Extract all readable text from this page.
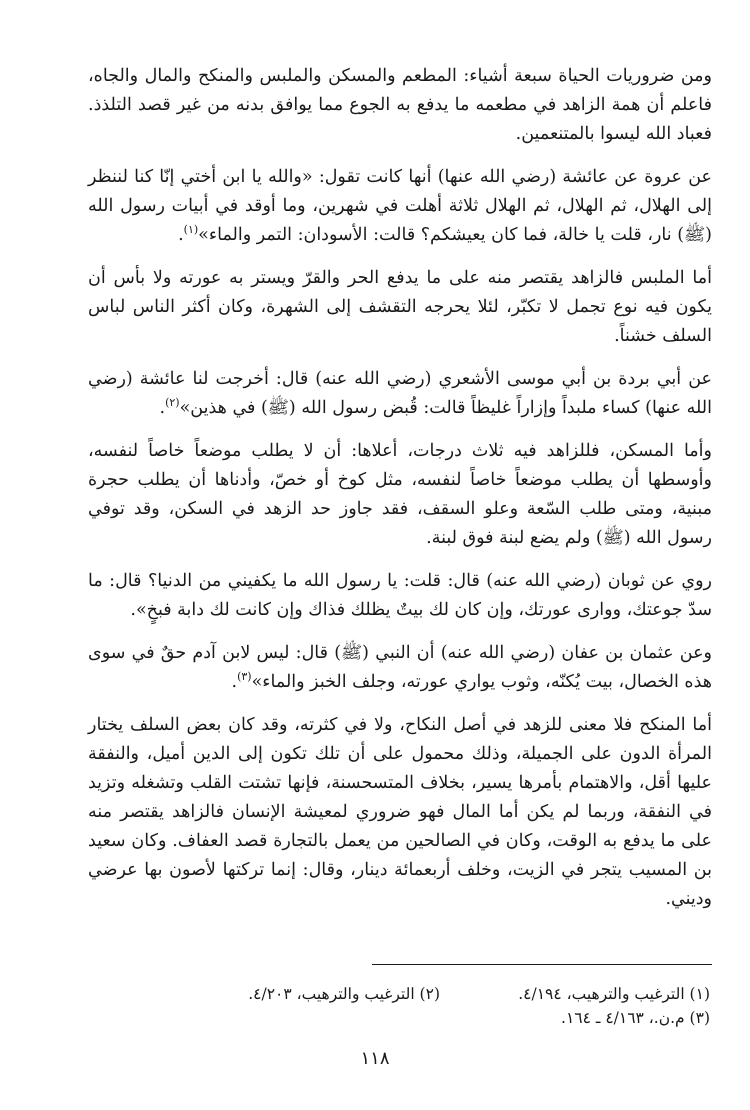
ومن ضروريات الحياة سبعة أشياء: المطعم والمسكن والملبس والمنكح والمال والجاه، فاعلم أن همة الزاهد في مطعمه ما يدفع به الجوع مما يوافق بدنه من غير قصد التلذذ. فعباد الله ليسوا بالمتنعمين.

عن عروة عن عائشة (رضي الله عنها) أنها كانت تقول: «والله يا ابن أختي إنّا كنا لننظر إلى الهلال، ثم الهلال، ثم الهلال ثلاثة أهلت في شهرين، وما أوقد في أبيات رسول الله (ﷺ) نار، قلت يا خالة، فما كان يعيشكم؟ قالت: الأسودان: التمر والماء»$^{(١)}$.

أما الملبس فالزاهد يقتصر منه على ما يدفع الحر والقرّ ويستر به عورته ولا بأس أن يكون فيه نوع تجمل لا تكبّر، لئلا يحرجه التقشف إلى الشهرة، وكان أكثر الناس لباس السلف خشناً.

عن أبي بردة بن أبي موسى الأشعري (رضي الله عنه) قال: أخرجت لنا عائشة (رضي الله عنها) كساء ملبداً وإزاراً غليظاً قالت: قُبض رسول الله (ﷺ) في هذين»$^{(٢)}$.

وأما المسكن، فللزاهد فيه ثلاث درجات، أعلاها: أن لا يطلب موضعاً خاصاً لنفسه، وأوسطها أن يطلب موضعاً خاصاً لنفسه، مثل كوخ أو خصّ، وأدناها أن يطلب حجرة مبنية، ومتى طلب السّعة وعلو السقف، فقد جاوز حد الزهد في السكن، وقد توفي رسول الله (ﷺ) ولم يضع لبنة فوق لبنة.

روي عن ثوبان (رضي الله عنه) قال: قلت: يا رسول الله ما يكفيني من الدنيا؟ قال: ما سدّ جوعتك، ووارى عورتك، وإن كان لك بيتٌ يظلك فذاك وإن كانت لك دابة فبخٍ».

وعن عثمان بن عفان (رضي الله عنه) أن النبي (ﷺ) قال: ليس لابن آدم حقٌ في سوى هذه الخصال، بيت يُكنّه، وثوب يواري عورته، وجلف الخبز والماء»$^{(٣)}$.

أما المنكح فلا معنى للزهد في أصل النكاح، ولا في كثرته، وقد كان بعض السلف يختار المرأة الدون على الجميلة، وذلك محمول على أن تلك تكون إلى الدين أميل، والنفقة عليها أقل، والاهتمام بأمرها يسير، بخلاف المتسحسنة، فإنها تشتت القلب وتشغله وتزيد في النفقة، وربما لم يكن أما المال فهو ضروري لمعيشة الإنسان فالزاهد يقتصر منه على ما يدفع به الوقت، وكان في الصالحين من يعمل بالتجارة قصد العفاف. وكان سعيد بن المسيب يتجر في الزيت، وخلف أربعمائة دينار، وقال: إنما تركتها لأصون بها عرضي وديني.

(١) الترغيب والترهيب، ٤/١٩٤.
(٢) الترغيب والترهيب، ٤/٢٠٣.
(٣) م.ن.، ٤/١٦٣ ـ ١٦٤.
١١٨
